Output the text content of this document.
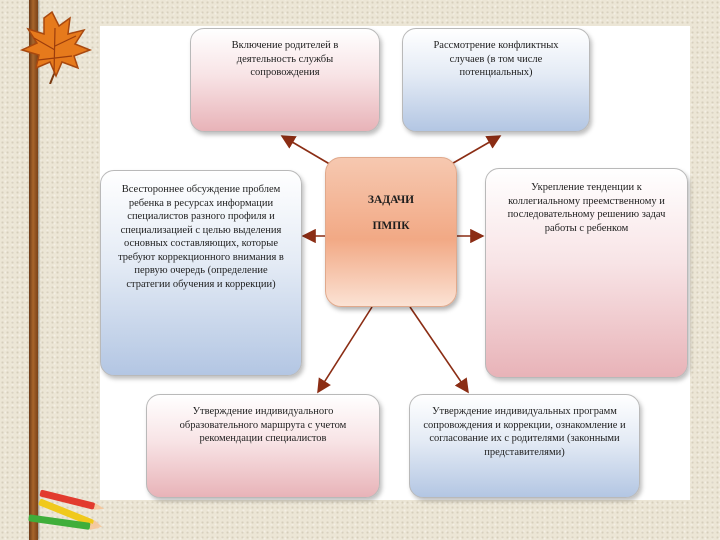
Включение родителей в деятельность службы сопровождения
Рассмотрение конфликтных случаев (в том числе потенциальных)
Всестороннее обсуждение проблем ребенка в ресурсах информации специалистов разного профиля и специализацией с целью выделения основных составляющих, которые требуют коррекционного внимания в первую очередь (определение стратегии обучения и коррекции)
ЗАДАЧИ
ПМПК
Укрепление тенденции к коллегиальному преемственному и последовательному решению задач работы с ребенком
Утверждение индивидуального образовательного маршрута с учетом рекомендации специалистов
Утверждение индивидуальных программ сопровождения и коррекции, ознакомление и согласование их с родителями (законными представителями)
